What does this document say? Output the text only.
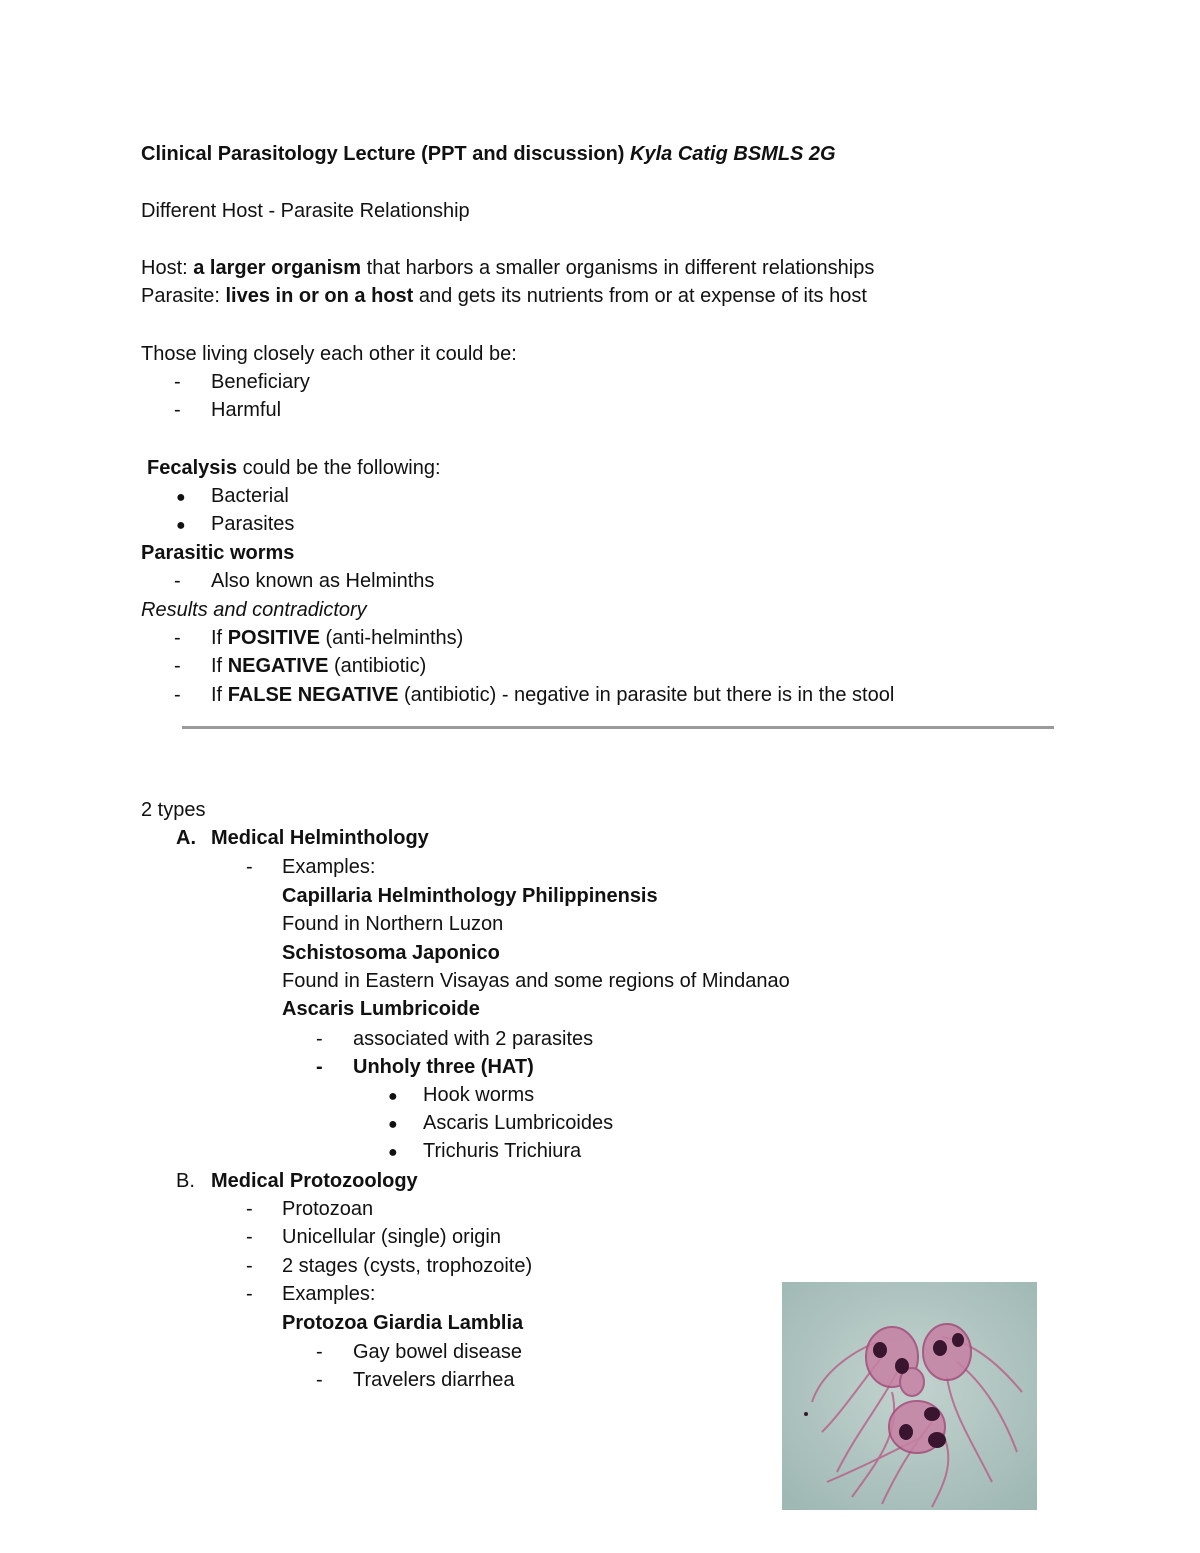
Clinical Parasitology Lecture (PPT and discussion) Kyla Catig BSMLS 2G
Different Host - Parasite Relationship
Host: a larger organism that harbors a smaller organisms in different relationships
Parasite: lives in or on a host and gets its nutrients from or at expense of its host
Those living closely each other it could be:
- Beneficiary
- Harmful
Fecalysis could be the following:
● Bacterial
● Parasites
Parasitic worms
- Also known as Helminths
Results and contradictory
- If POSITIVE (anti-helminths)
- If NEGATIVE (antibiotic)
- If FALSE NEGATIVE (antibiotic) - negative in parasite but there is in the stool
2 types
A. Medical Helminthology
- Examples:
Capillaria Helminthology Philippinensis
Found in Northern Luzon
Schistosoma Japonico
Found in Eastern Visayas and some regions of Mindanao
Ascaris Lumbricoide
- associated with 2 parasites
- Unholy three (HAT)
● Hook worms
● Ascaris Lumbricoides
● Trichuris Trichiura
B. Medical Protozoology
- Protozoan
- Unicellular (single) origin
- 2 stages (cysts, trophozoite)
- Examples:
Protozoa Giardia Lamblia
- Gay bowel disease
- Travelers diarrhea
